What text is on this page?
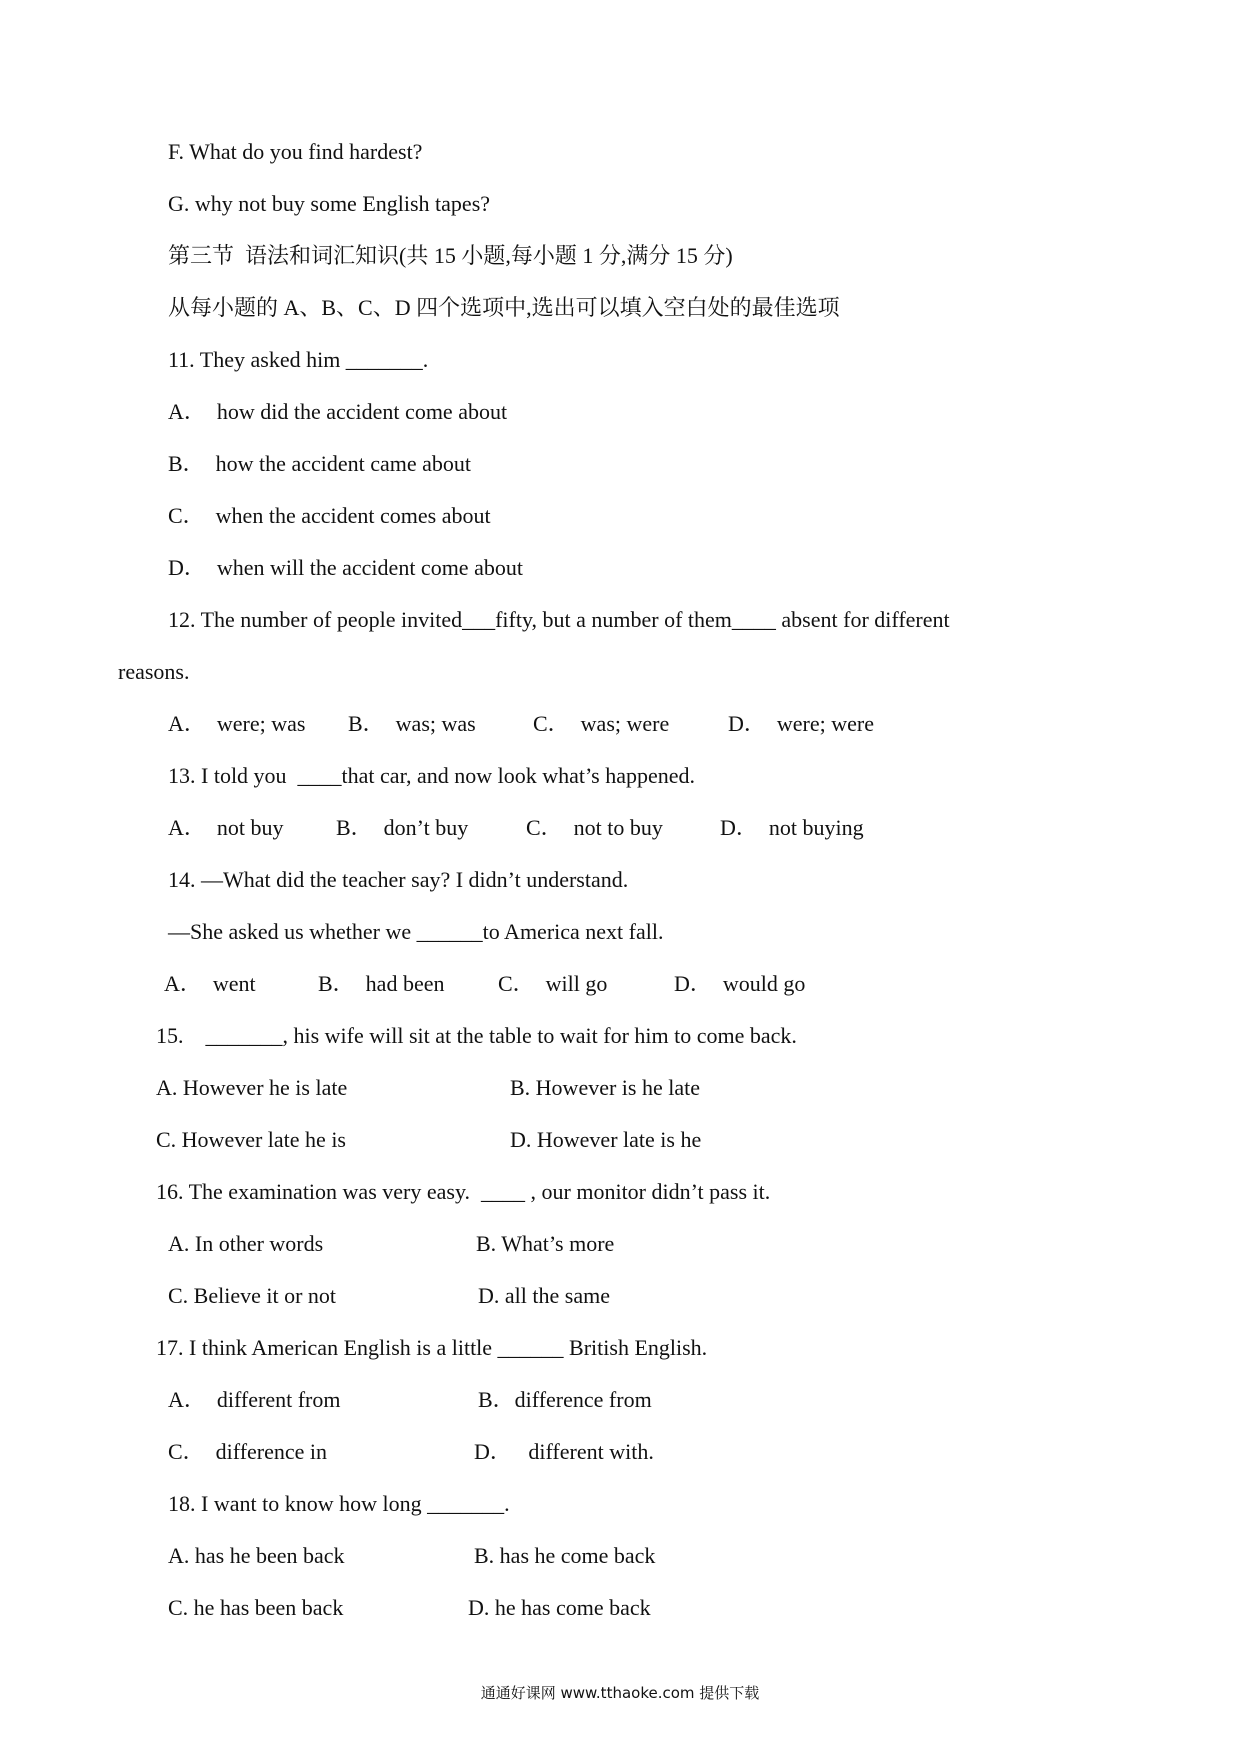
F. What do you find hardest?
G. why not buy some English tapes?
第三节  语法和词汇知识(共 15 小题,每小题 1 分,满分 15 分)
从每小题的 A、B、C、D 四个选项中,选出可以填入空白处的最佳选项
11. They asked him _______.
A．  how did the accident come about
B．  how the accident came about
C．  when the accident comes about
D．  when will the accident come about
12. The number of people invited___fifty, but a number of them____ absent for different
reasons.
A．  were; was B．  was; was	C．  was; were	D．  were; were
13. I told you  ____that car, and now look what’s happened.
A．  not buy B．  don’t buy	C．  not to buy	D．  not buying
14. —What did the teacher say? I didn’t understand.
—She asked us whether we ______to America next fall.
A．  went	B．  had been C．  will go	D．  would go
15.    _______, his wife will sit at the table to wait for him to come back.
A. However he is late	B. However is he late
C. However late he is	D. However late is he
16. The examination was very easy.  ____ , our monitor didn’t pass it.
A. In other words	B. What’s more
C. Believe it or not	D. all the same
17. I think American English is a little ______ British English.
A．  different from	B．difference from
C．  difference in	D．   different with.
18. I want to know how long _______.
A. has he been back	B. has he come back
C. he has been back	D. he has come back
通通好课网 www.tthaoke.com 提供下载
